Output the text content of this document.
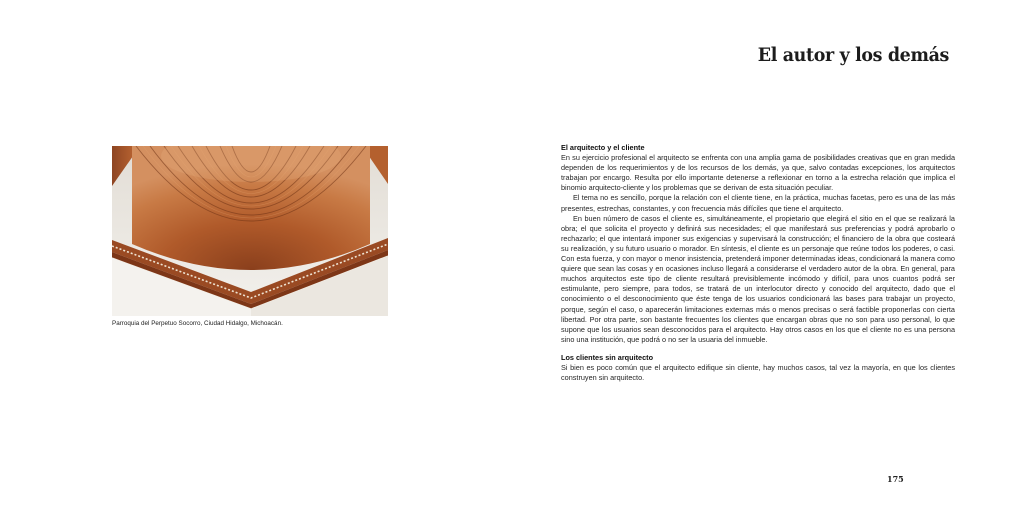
Parroquia del Perpetuo Socorro, Ciudad Hidalgo, Michoacán.
El autor y los demás
El arquitecto y el cliente

En su ejercicio profesional el arquitecto se enfrenta con una amplia gama de posibilidades creativas que en gran medida dependen de los requerimientos y de los recursos de los demás, ya que, salvo contadas excepciones, los arquitectos trabajan por encargo. Resulta por ello importante detenerse a reflexionar en torno a la estrecha relación que implica el binomio arquitecto-cliente y los problemas que se derivan de esta situación peculiar.

El tema no es sencillo, porque la relación con el cliente tiene, en la práctica, muchas facetas, pero es una de las más presentes, estrechas, constantes, y con frecuencia más difíciles que tiene el arquitecto.

En buen número de casos el cliente es, simultáneamente, el propietario que elegirá el sitio en el que se realizará la obra; el que solicita el proyecto y definirá sus necesidades; el que manifestará sus preferencias y podrá aprobarlo o rechazarlo; el que intentará imponer sus exigencias y supervisará la construcción; el financiero de la obra que costeará su realización, y su futuro usuario o morador. En síntesis, el cliente es un personaje que reúne todos los poderes, o casi. Con esta fuerza, y con mayor o menor insistencia, pretenderá imponer determinadas ideas, condicionará la manera como quiere que sean las cosas y en ocasiones incluso llegará a considerarse el verdadero autor de la obra. En general, para muchos arquitectos este tipo de cliente resultará previsiblemente incómodo y difícil, para unos cuantos podrá ser estimulante, pero siempre, para todos, se tratará de un interlocutor directo y conocido del arquitecto, dado que el conocimiento o el desconocimiento que éste tenga de los usuarios condicionará las bases para trabajar un proyecto, porque, según el caso, o aparecerán limitaciones externas más o menos precisas o será factible proponerlas con cierta libertad. Por otra parte, son bastante frecuentes los clientes que encargan obras que no son para uso personal, lo que supone que los usuarios sean desconocidos para el arquitecto. Hay otros casos en los que el cliente no es una persona sino una institución, que podrá o no ser la usuaria del inmueble.

Los clientes sin arquitecto

Si bien es poco común que el arquitecto edifique sin cliente, hay muchos casos, tal vez la mayoría, en que los clientes construyen sin arquitecto.

175
